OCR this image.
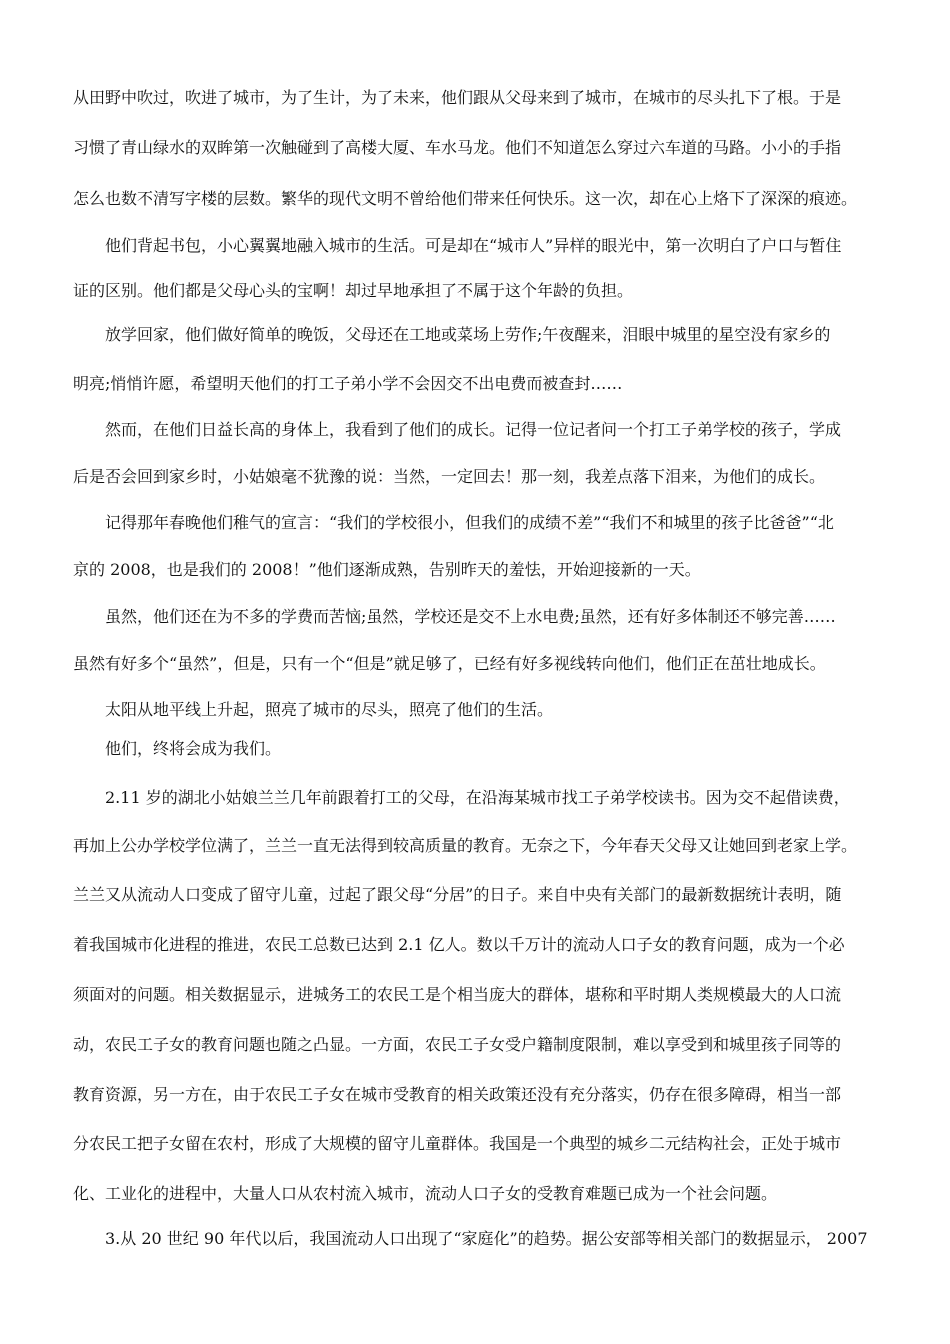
从田野中吹过，吹进了城市，为了生计，为了未来，他们跟从父母来到了城市，在城市的尽头扎下了根。于是
习惯了青山绿水的双眸第一次触碰到了高楼大厦、车水马龙。他们不知道怎么穿过六车道的马路。小小的手指
怎么也数不清写字楼的层数。繁华的现代文明不曾给他们带来任何快乐。这一次，却在心上烙下了深深的痕迹。
他们背起书包，小心翼翼地融入城市的生活。可是却在“城市人”异样的眼光中，第一次明白了户口与暂住
证的区别。他们都是父母心头的宝啊！却过早地承担了不属于这个年龄的负担。
放学回家，他们做好简单的晚饭，父母还在工地或菜场上劳作;午夜醒来，泪眼中城里的星空没有家乡的
明亮;悄悄许愿，希望明天他们的打工子弟小学不会因交不出电费而被查封……
然而，在他们日益长高的身体上，我看到了他们的成长。记得一位记者问一个打工子弟学校的孩子，学成
后是否会回到家乡时，小姑娘毫不犹豫的说：当然，一定回去！那一刻，我差点落下泪来，为他们的成长。
记得那年春晚他们稚气的宣言：“我们的学校很小，但我们的成绩不差”“我们不和城里的孩子比爸爸”“北
京的 2008，也是我们的 2008！”他们逐渐成熟，告别昨天的羞怯，开始迎接新的一天。
虽然，他们还在为不多的学费而苦恼;虽然，学校还是交不上水电费;虽然，还有好多体制还不够完善……
虽然有好多个“虽然”，但是，只有一个“但是”就足够了，已经有好多视线转向他们，他们正在茁壮地成长。
太阳从地平线上升起，照亮了城市的尽头，照亮了他们的生活。
他们，终将会成为我们。
2.11 岁的湖北小姑娘兰兰几年前跟着打工的父母，在沿海某城市找工子弟学校读书。因为交不起借读费，
再加上公办学校学位满了，兰兰一直无法得到较高质量的教育。无奈之下，今年春天父母又让她回到老家上学。
兰兰又从流动人口变成了留守儿童，过起了跟父母“分居”的日子。来自中央有关部门的最新数据统计表明，随
着我国城市化进程的推进，农民工总数已达到 2.1 亿人。数以千万计的流动人口子女的教育问题，成为一个必
须面对的问题。相关数据显示，进城务工的农民工是个相当庞大的群体，堪称和平时期人类规模最大的人口流
动，农民工子女的教育问题也随之凸显。一方面，农民工子女受户籍制度限制，难以享受到和城里孩子同等的
教育资源，另一方在，由于农民工子女在城市受教育的相关政策还没有充分落实，仍存在很多障碍，相当一部
分农民工把子女留在农村，形成了大规模的留守儿童群体。我国是一个典型的城乡二元结构社会，正处于城市
化、工业化的进程中，大量人口从农村流入城市，流动人口子女的受教育难题已成为一个社会问题。
3.从 20 世纪 90 年代以后，我国流动人口出现了“家庭化”的趋势。据公安部等相关部门的数据显示， 2007
